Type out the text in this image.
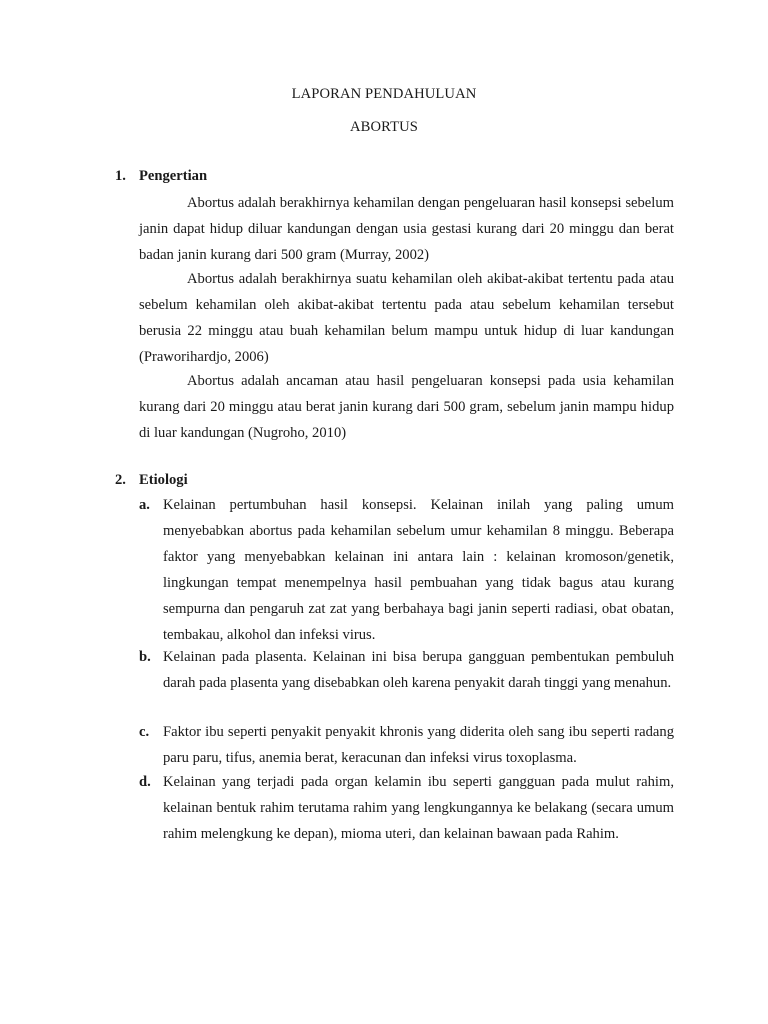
LAPORAN PENDAHULUAN
ABORTUS
1. Pengertian
Abortus adalah berakhirnya kehamilan dengan pengeluaran hasil konsepsi sebelum janin dapat hidup diluar kandungan dengan usia gestasi kurang dari 20 minggu dan berat badan janin kurang dari 500 gram (Murray, 2002)
Abortus adalah berakhirnya suatu kehamilan oleh akibat-akibat tertentu pada atau sebelum kehamilan oleh akibat-akibat tertentu pada atau sebelum kehamilan tersebut berusia 22 minggu atau buah kehamilan belum mampu untuk hidup di luar kandungan (Praworihardjo, 2006)
Abortus adalah ancaman atau hasil pengeluaran konsepsi pada usia kehamilan kurang dari 20 minggu atau berat janin kurang dari 500 gram, sebelum janin mampu hidup di luar kandungan (Nugroho, 2010)
2. Etiologi
a. Kelainan pertumbuhan hasil konsepsi. Kelainan inilah yang paling umum menyebabkan abortus pada kehamilan sebelum umur kehamilan 8 minggu. Beberapa faktor yang menyebabkan kelainan ini antara lain : kelainan kromoson/genetik, lingkungan tempat menempelnya hasil pembuahan yang tidak bagus atau kurang sempurna dan pengaruh zat zat yang berbahaya bagi janin seperti radiasi, obat obatan, tembakau, alkohol dan infeksi virus.
b. Kelainan pada plasenta. Kelainan ini bisa berupa gangguan pembentukan pembuluh darah pada plasenta yang disebabkan oleh karena penyakit darah tinggi yang menahun.
c. Faktor ibu seperti penyakit penyakit khronis yang diderita oleh sang ibu seperti radang paru paru, tifus, anemia berat, keracunan dan infeksi virus toxoplasma.
d. Kelainan yang terjadi pada organ kelamin ibu seperti gangguan pada mulut rahim, kelainan bentuk rahim terutama rahim yang lengkungannya ke belakang (secara umum rahim melengkung ke depan), mioma uteri, dan kelainan bawaan pada Rahim.
